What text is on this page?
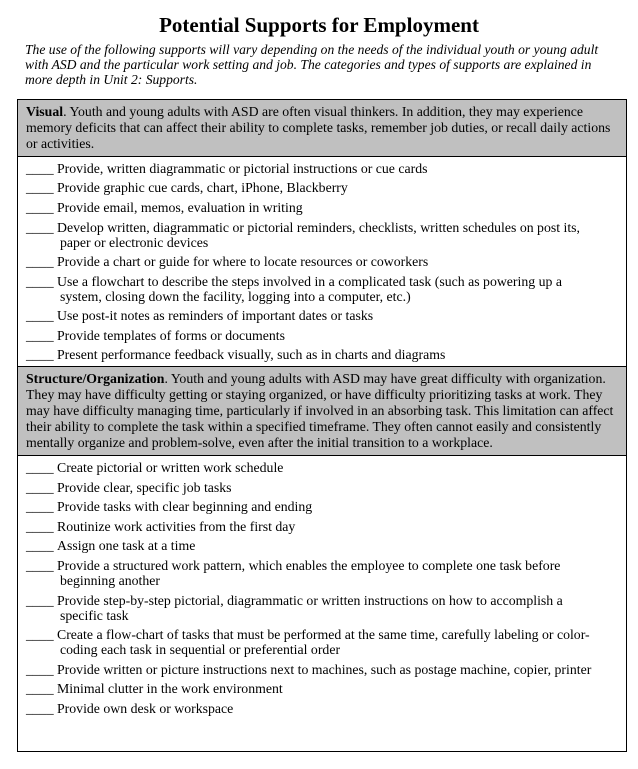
Potential Supports for Employment
The use of the following supports will vary depending on the needs of the individual youth or young adult with ASD and the particular work setting and job. The categories and types of supports are explained in more depth in Unit 2: Supports.
Visual. Youth and young adults with ASD are often visual thinkers. In addition, they may experience memory deficits that can affect their ability to complete tasks, remember job duties, or recall daily actions or activities.
____ Provide, written diagrammatic or pictorial instructions or cue cards
____ Provide graphic cue cards, chart, iPhone, Blackberry
____ Provide email, memos, evaluation in writing
____ Develop written, diagrammatic or pictorial reminders, checklists, written schedules on post its,
paper or electronic devices
____ Provide a chart or guide for where to locate resources or coworkers
____ Use a flowchart to describe the steps involved in a complicated task (such as powering up a
system, closing down the facility, logging into a computer, etc.)
____ Use post-it notes as reminders of important dates or tasks
____ Provide templates of forms or documents
____ Present performance feedback visually, such as in charts and diagrams
Structure/Organization. Youth and young adults with ASD may have great difficulty with organization. They may have difficulty getting or staying organized, or have difficulty prioritizing tasks at work. They may have difficulty managing time, particularly if involved in an absorbing task. This limitation can affect their ability to complete the task within a specified timeframe. They often cannot easily and consistently mentally organize and problem-solve, even after the initial transition to a workplace.
____ Create pictorial or written work schedule
____ Provide clear, specific job tasks
____ Provide tasks with clear beginning and ending
____ Routinize work activities from the first day
____ Assign one task at a time
____ Provide a structured work pattern, which enables the employee to complete one task before
beginning another
____ Provide step-by-step pictorial, diagrammatic or written instructions on how to accomplish a
specific task
____ Create a flow-chart of tasks that must be performed at the same time, carefully labeling or color-
coding each task in sequential or preferential order
____ Provide written or picture instructions next to machines, such as postage machine, copier, printer
____ Minimal clutter in the work environment
____ Provide own desk or workspace
